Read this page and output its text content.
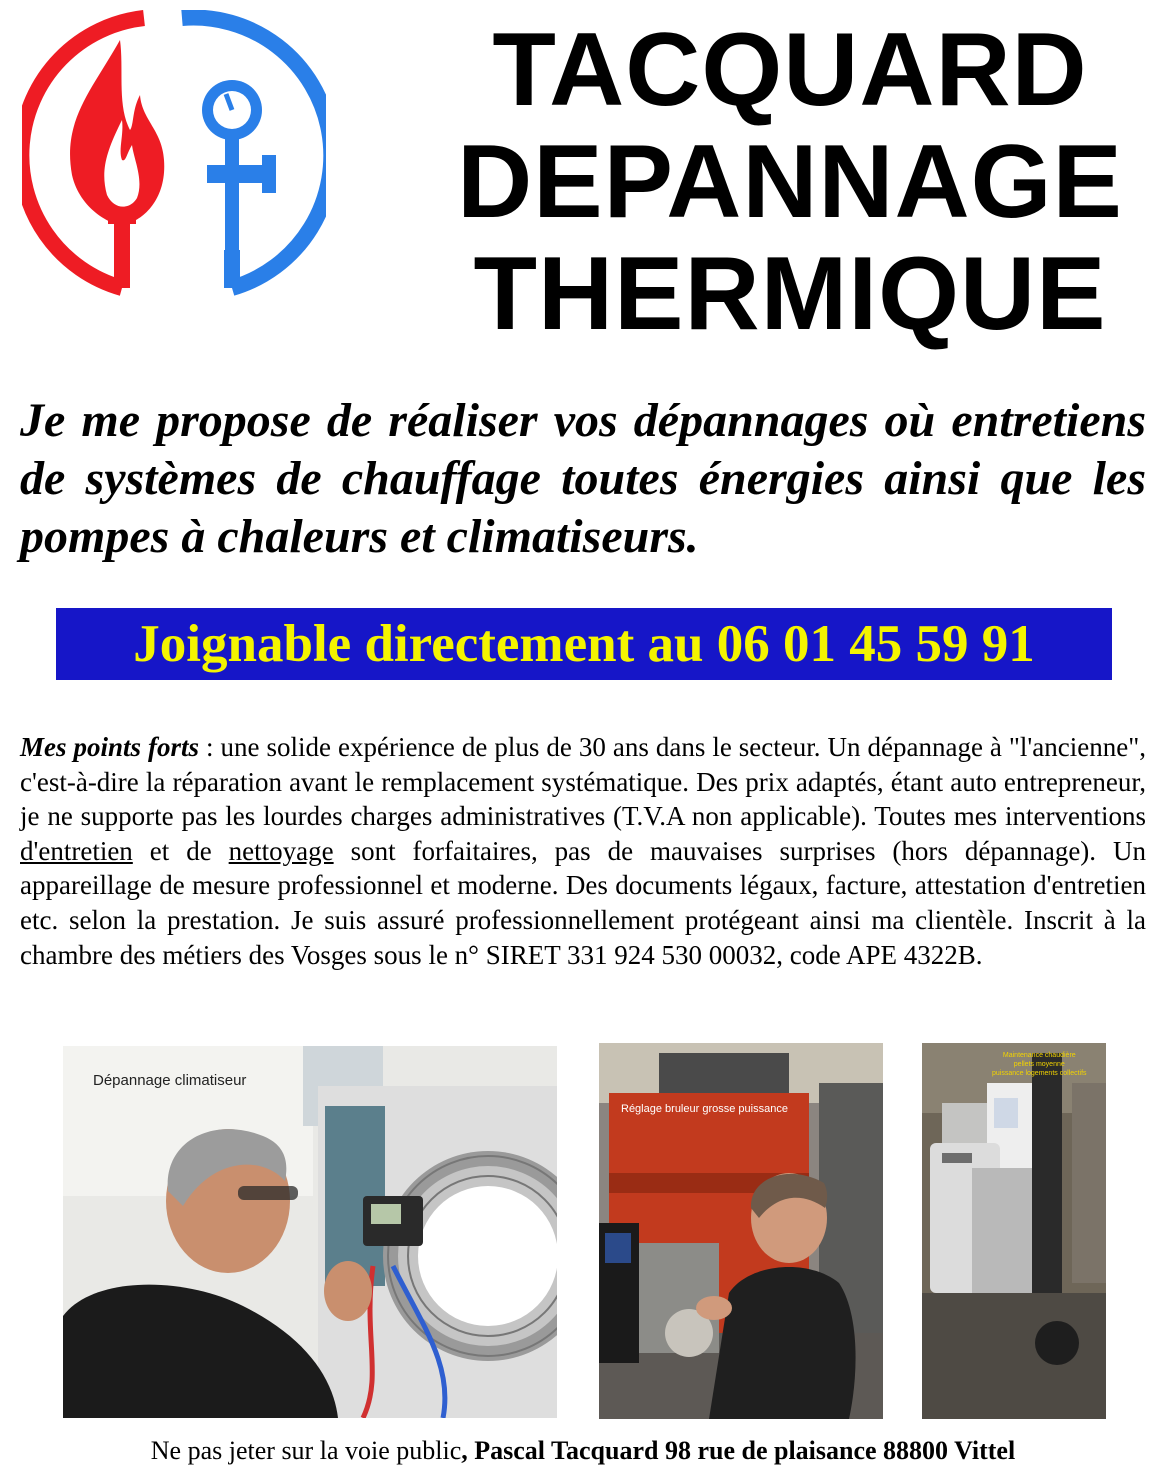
TACQUARD
DEPANNAGE
THERMIQUE
Je me propose de réaliser vos dépannages où entretiens de systèmes de chauffage toutes énergies ainsi que les pompes à chaleurs et climatiseurs.
Joignable directement au 06 01 45 59 91
Mes points forts : une solide expérience de plus de 30 ans dans le secteur. Un dépannage à "l'ancienne", c'est-à-dire la réparation avant le remplacement systématique. Des prix adaptés, étant auto entrepreneur, je ne supporte pas les lourdes charges administratives (T.V.A non applicable). Toutes mes interventions d'entretien et de nettoyage sont forfaitaires, pas de mauvaises surprises (hors dépannage). Un appareillage de mesure professionnel et moderne. Des documents légaux, facture, attestation d'entretien etc. selon la prestation. Je suis assuré professionnellement protégeant ainsi ma clientèle. Inscrit à la chambre des métiers des Vosges sous le n° SIRET 331 924 530 00032, code APE 4322B.
Dépannage climatiseur
Réglage bruleur grosse puissance
Maintenance chaudière
pellets moyenne
puissance logements collectifs
Ne pas jeter sur la voie public, Pascal Tacquard 98 rue de plaisance 88800 Vittel
